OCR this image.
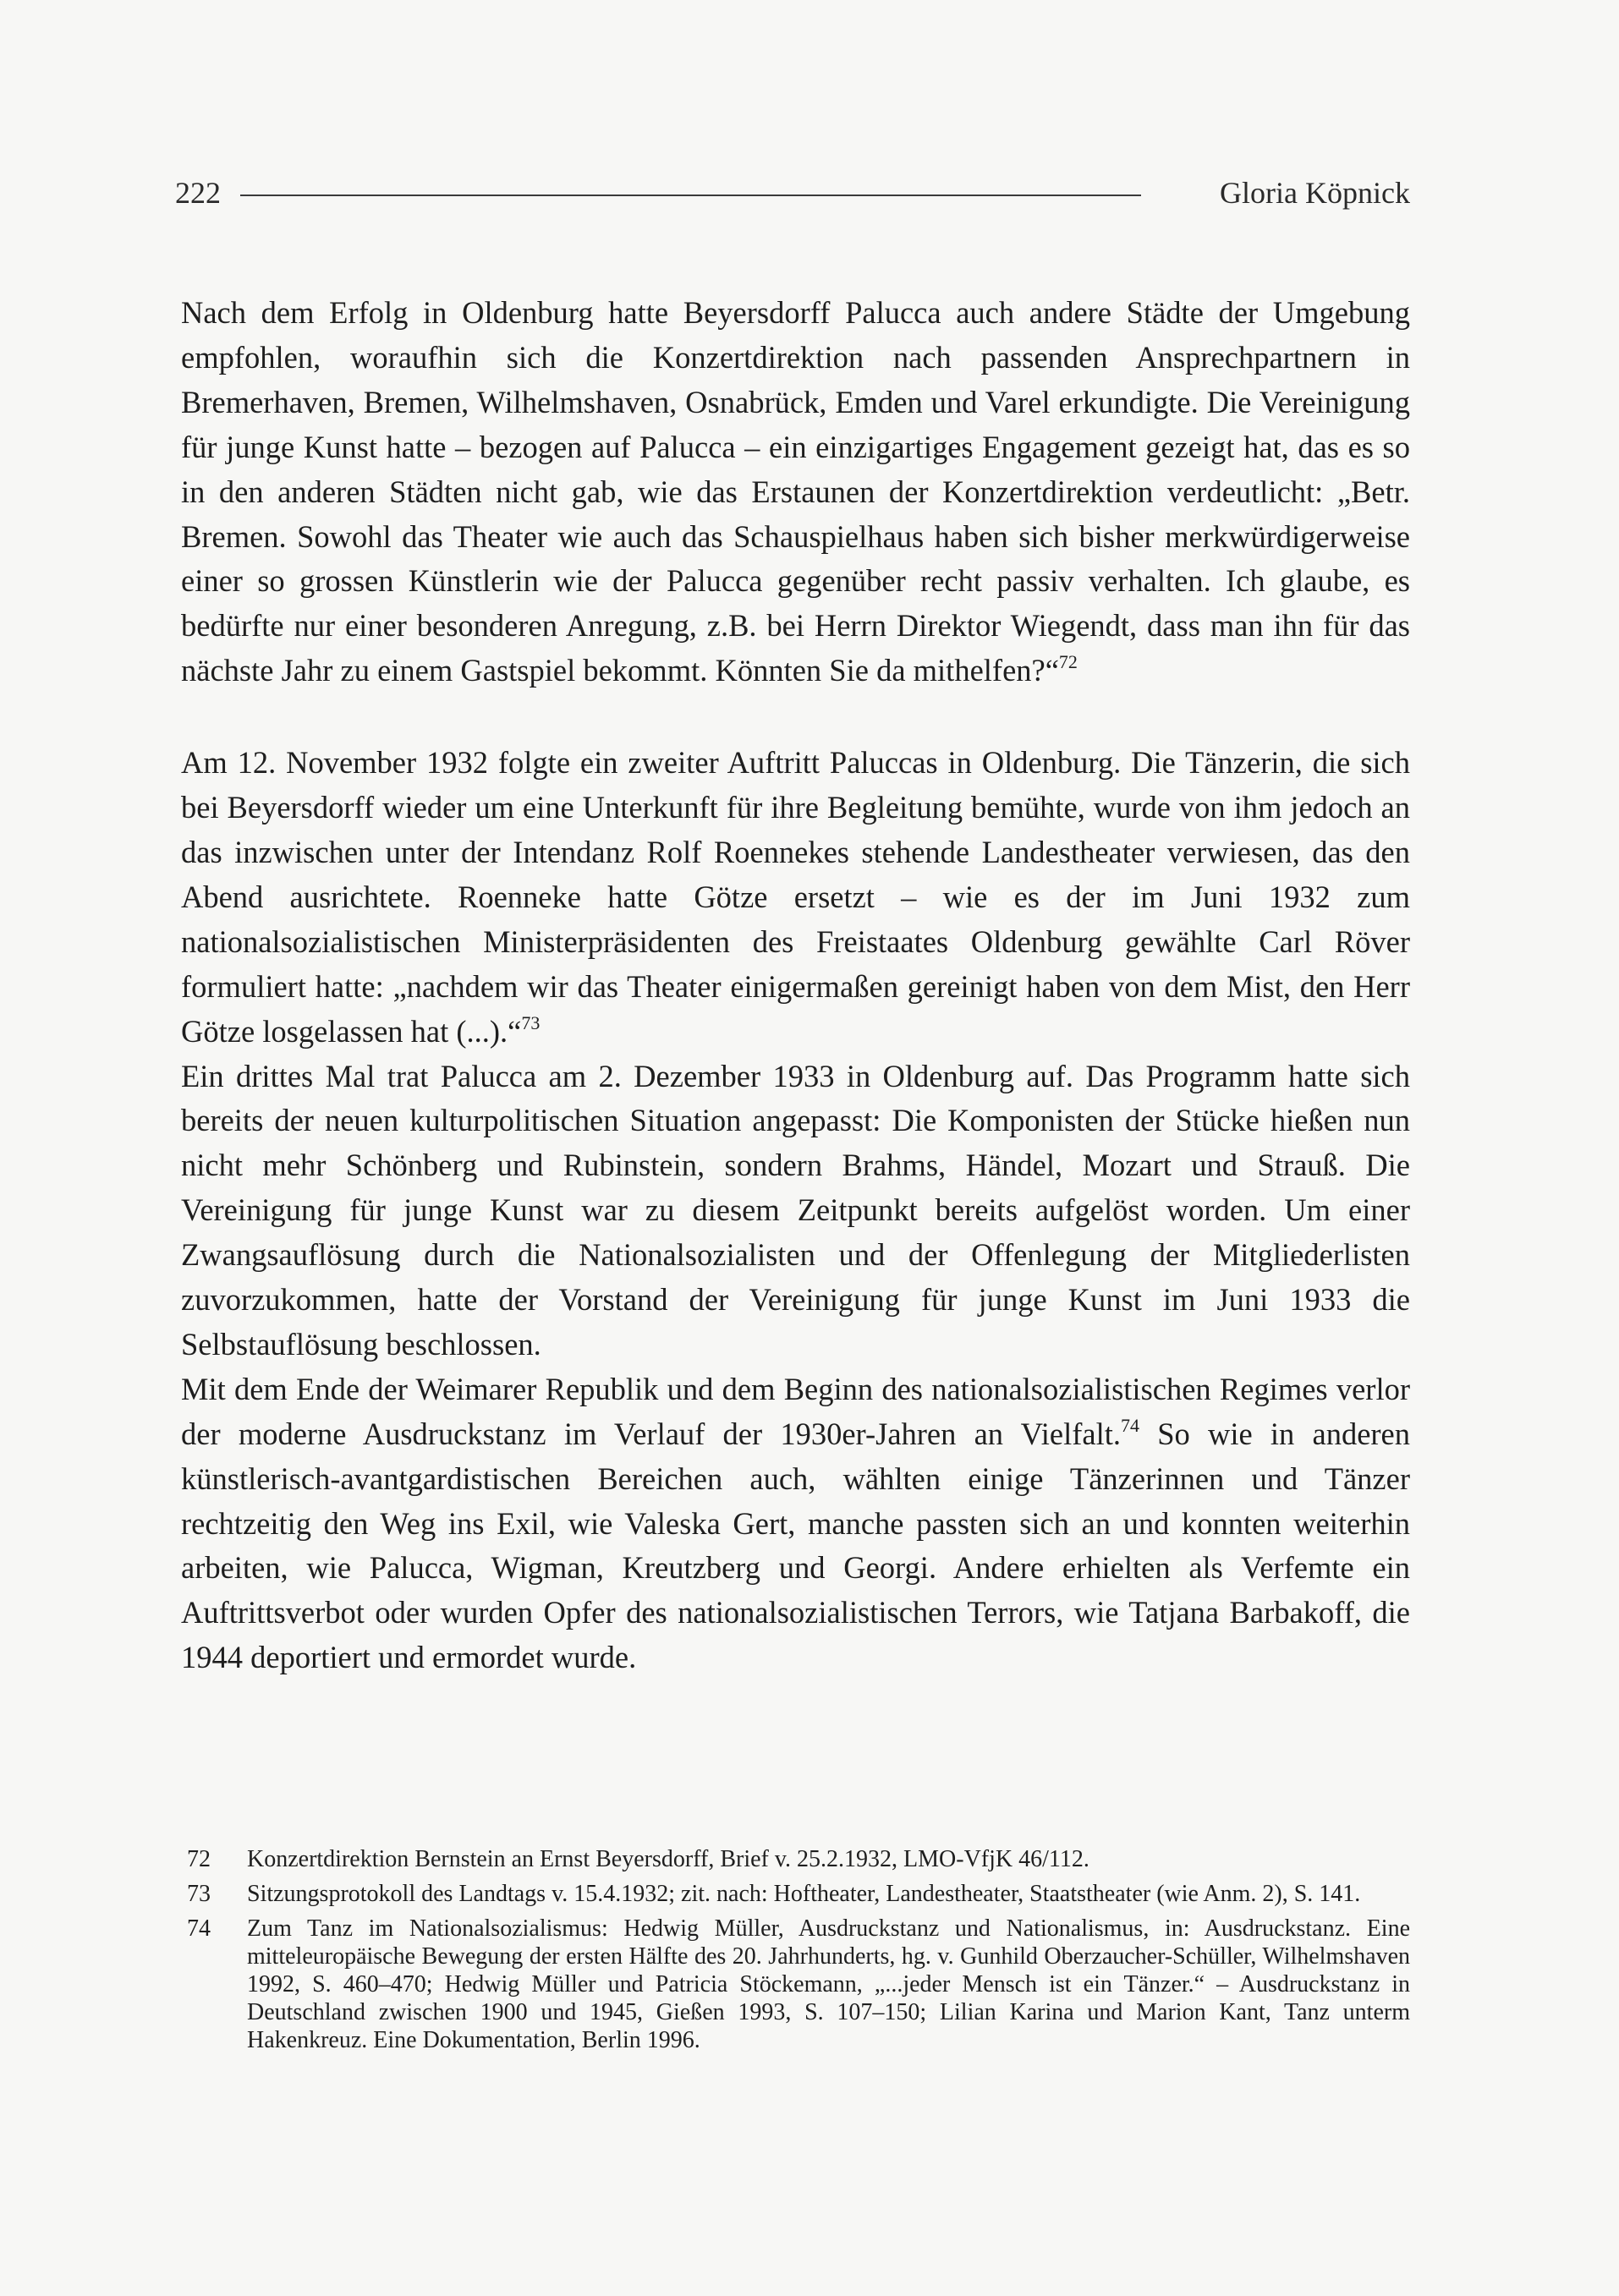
222	Gloria Köpnick

Nach dem Erfolg in Oldenburg hatte Beyersdorff Palucca auch andere Städte der Umgebung empfohlen, woraufhin sich die Konzertdirektion nach passenden Ansprechpartnern in Bremerhaven, Bremen, Wilhelmshaven, Osnabrück, Emden und Varel erkundigte. Die Vereinigung für junge Kunst hatte – bezogen auf Palucca – ein einzigartiges Engagement gezeigt hat, das es so in den anderen Städten nicht gab, wie das Erstaunen der Konzertdirektion verdeutlicht: „Betr. Bremen. Sowohl das Theater wie auch das Schauspielhaus haben sich bisher merkwürdigerweise einer so grossen Künstlerin wie der Palucca gegenüber recht passiv verhalten. Ich glaube, es bedürfte nur einer besonderen Anregung, z.B. bei Herrn Direktor Wiegendt, dass man ihn für das nächste Jahr zu einem Gastspiel bekommt. Könnten Sie da mithelfen?“$^{72}$

Am 12. November 1932 folgte ein zweiter Auftritt Paluccas in Oldenburg. Die Tänzerin, die sich bei Beyersdorff wieder um eine Unterkunft für ihre Begleitung bemühte, wurde von ihm jedoch an das inzwischen unter der Intendanz Rolf Roennekes stehende Landestheater verwiesen, das den Abend ausrichtete. Roenneke hatte Götze ersetzt – wie es der im Juni 1932 zum nationalsozialistischen Ministerpräsidenten des Freistaates Oldenburg gewählte Carl Röver formuliert hatte: „nachdem wir das Theater einigermaßen gereinigt haben von dem Mist, den Herr Götze losgelassen hat (...).“$^{73}$

Ein drittes Mal trat Palucca am 2. Dezember 1933 in Oldenburg auf. Das Programm hatte sich bereits der neuen kulturpolitischen Situation angepasst: Die Komponisten der Stücke hießen nun nicht mehr Schönberg und Rubinstein, sondern Brahms, Händel, Mozart und Strauß. Die Vereinigung für junge Kunst war zu diesem Zeitpunkt bereits aufgelöst worden. Um einer Zwangsauflösung durch die Nationalsozialisten und der Offenlegung der Mitgliederlisten zuvorzukommen, hatte der Vorstand der Vereinigung für junge Kunst im Juni 1933 die Selbstauflösung beschlossen.

Mit dem Ende der Weimarer Republik und dem Beginn des nationalsozialistischen Regimes verlor der moderne Ausdruckstanz im Verlauf der 1930er-Jahren an Vielfalt.$^{74}$ So wie in anderen künstlerisch-avantgardistischen Bereichen auch, wählten einige Tänzerinnen und Tänzer rechtzeitig den Weg ins Exil, wie Valeska Gert, manche passten sich an und konnten weiterhin arbeiten, wie Palucca, Wigman, Kreutzberg und Georgi. Andere erhielten als Verfemte ein Auftrittsverbot oder wurden Opfer des nationalsozialistischen Terrors, wie Tatjana Barbakoff, die 1944 deportiert und ermordet wurde.

72 Konzertdirektion Bernstein an Ernst Beyersdorff, Brief v. 25.2.1932, LMO-VfjK 46/112.
73 Sitzungsprotokoll des Landtags v. 15.4.1932; zit. nach: Hoftheater, Landestheater, Staatstheater (wie Anm. 2), S. 141.
74 Zum Tanz im Nationalsozialismus: Hedwig Müller, Ausdruckstanz und Nationalismus, in: Ausdruckstanz. Eine mitteleuropäische Bewegung der ersten Hälfte des 20. Jahrhunderts, hg. v. Gunhild Oberzaucher-Schüller, Wilhelmshaven 1992, S. 460–470; Hedwig Müller und Patricia Stöckemann, „...jeder Mensch ist ein Tänzer.“ – Ausdruckstanz in Deutschland zwischen 1900 und 1945, Gießen 1993, S. 107–150; Lilian Karina und Marion Kant, Tanz unterm Hakenkreuz. Eine Dokumentation, Berlin 1996.
